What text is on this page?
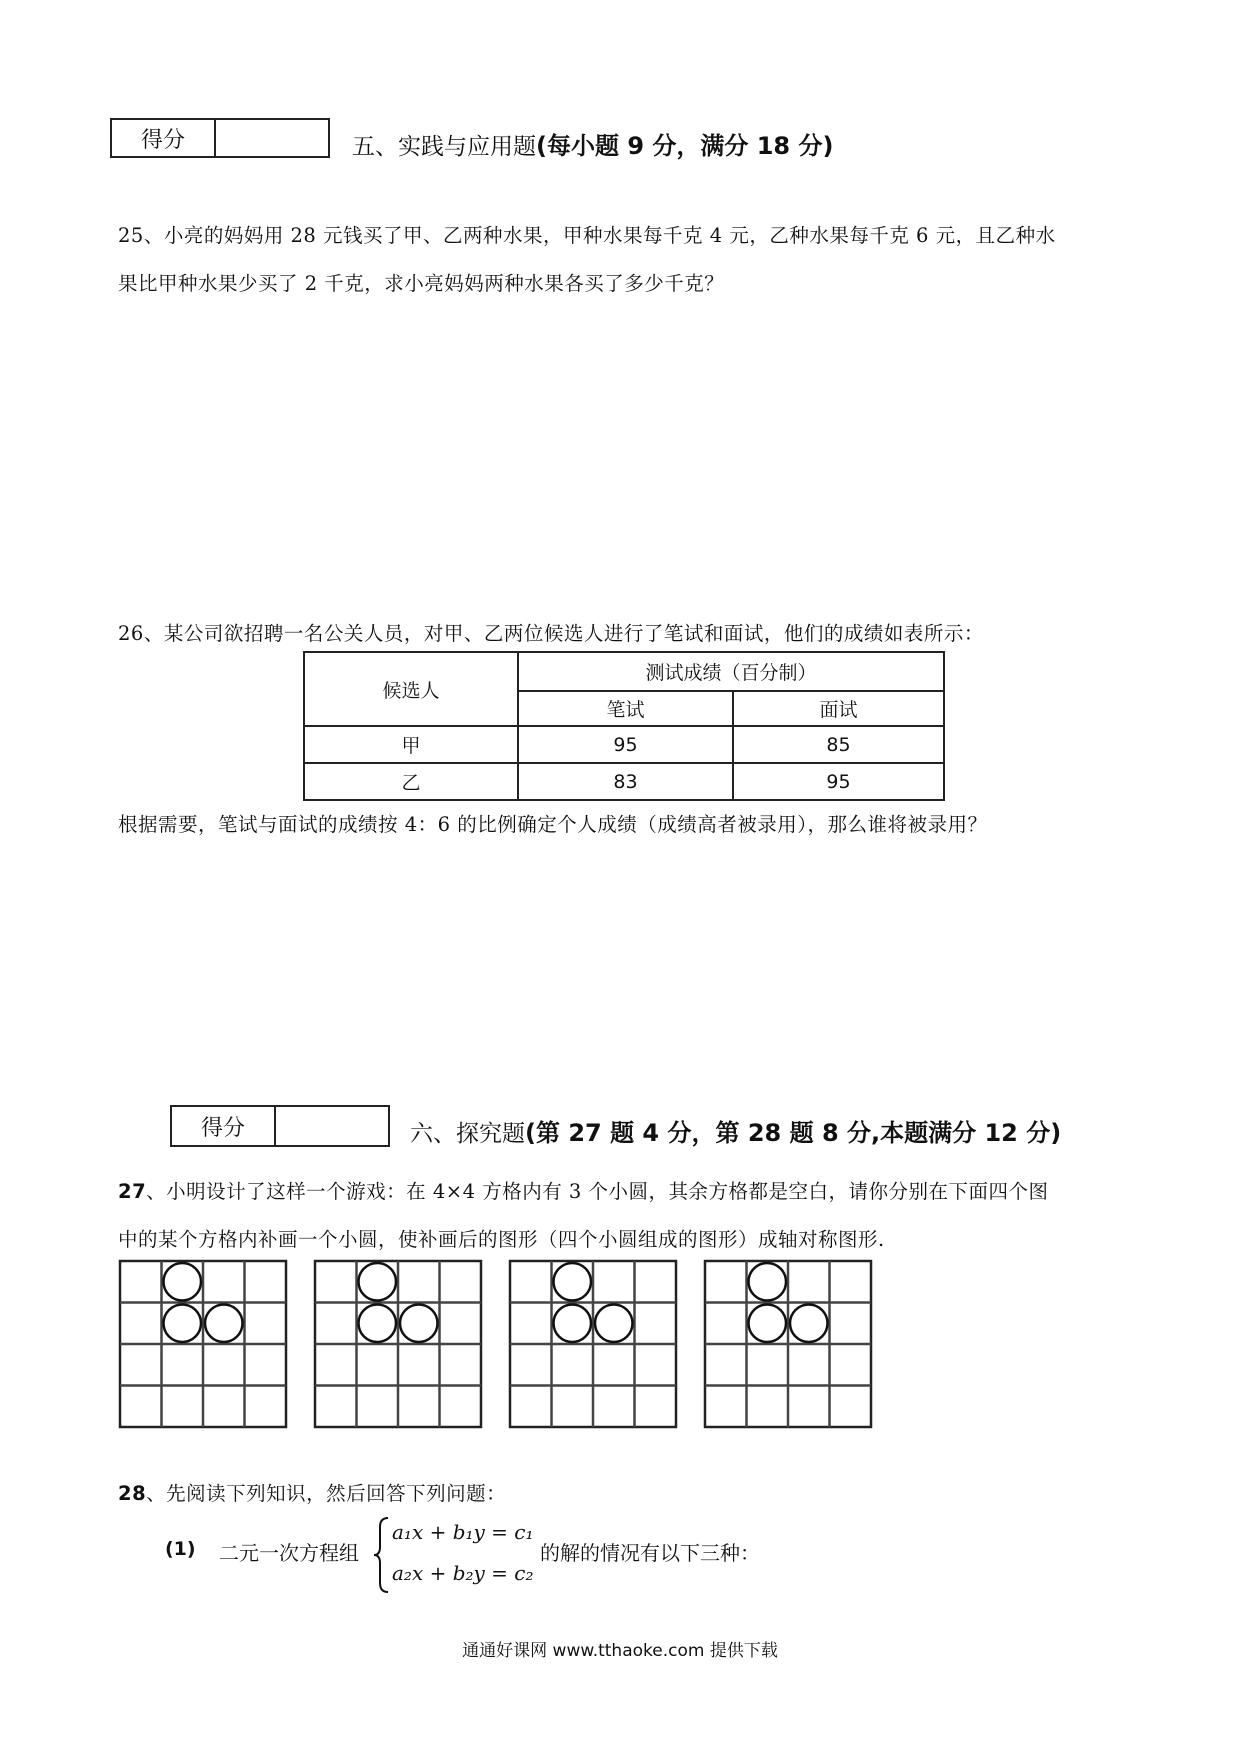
得分	五、实践与应用题(每小题 9 分，满分 18 分)
25、小亮的妈妈用 28 元钱买了甲、乙两种水果，甲种水果每千克 4 元，乙种水果每千克 6 元，且乙种水
果比甲种水果少买了 2 千克，求小亮妈妈两种水果各买了多少千克？
26、某公司欲招聘一名公关人员，对甲、乙两位候选人进行了笔试和面试，他们的成绩如表所示：
候选人	测试成绩（百分制）	
	笔试	面试
甲	95	85
乙	83	95
根据需要，笔试与面试的成绩按 4：6 的比例确定个人成绩（成绩高者被录用），那么谁将被录用？
得分	六、探究题(第 27 题 4 分，第 28 题 8 分,本题满分 12 分)
27、小明设计了这样一个游戏：在 4×4 方格内有 3 个小圆，其余方格都是空白，请你分别在下面四个图
中的某个方格内补画一个小圆，使补画后的图形（四个小圆组成的图形）成轴对称图形.
28、先阅读下列知识，然后回答下列问题：
(1) 二元一次方程组
a₁x + b₁y = c₁
a₂x + b₂y = c₂
的解的情况有以下三种：
通通好课网 www.tthaoke.com 提供下载
